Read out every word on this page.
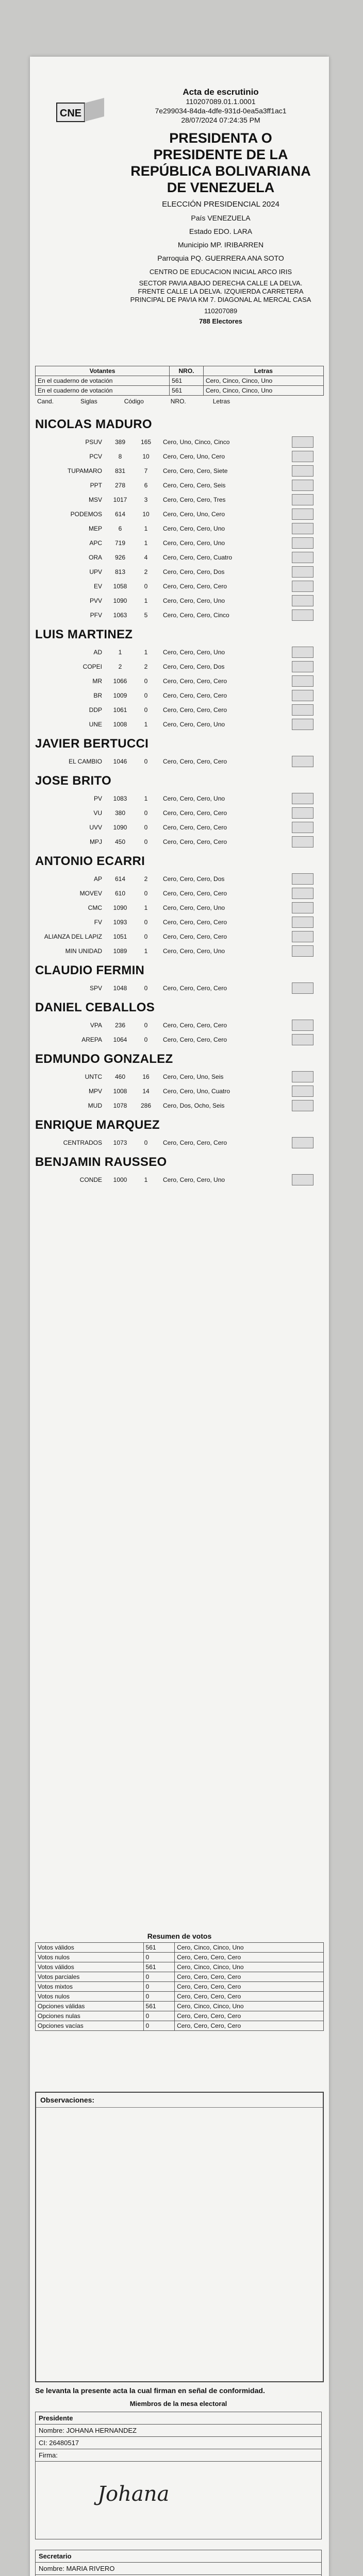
CNE
Acta de escrutinio
110207089.01.1.0001
7e299034-84da-4dfe-931d-0ea5a3ff1ac1
28/07/2024 07:24:35 PM
PRESIDENTA O PRESIDENTE DE LA REPÚBLICA BOLIVARIANA DE VENEZUELA
ELECCIÓN PRESIDENCIAL 2024
País VENEZUELA
Estado EDO. LARA
Municipio MP. IRIBARREN
Parroquia PQ. GUERRERA ANA SOTO
CENTRO DE EDUCACION INICIAL ARCO IRIS
SECTOR PAVIA ABAJO DERECHA CALLE LA DELVA. FRENTE CALLE LA DELVA. IZQUIERDA CARRETERA PRINCIPAL DE PAVIA KM 7. DIAGONAL AL MERCAL CASA
110207089
788 Electores
Votantes	NRO.	Letras
En el cuaderno de votación	561	Cero, Cinco, Cinco, Uno
En el cuaderno de votación	561	Cero, Cinco, Cinco, Uno
Cand.	Siglas	Código	NRO.	Letras
NICOLAS MADURO
PSUV	389	165	Cero, Uno, Cinco, Cinco
PCV	8	10	Cero, Cero, Uno, Cero
TUPAMARO	831	7	Cero, Cero, Cero, Siete
PPT	278	6	Cero, Cero, Cero, Seis
MSV	1017	3	Cero, Cero, Cero, Tres
PODEMOS	614	10	Cero, Cero, Uno, Cero
MEP	6	1	Cero, Cero, Cero, Uno
APC	719	1	Cero, Cero, Cero, Uno
ORA	926	4	Cero, Cero, Cero, Cuatro
UPV	813	2	Cero, Cero, Cero, Dos
EV	1058	0	Cero, Cero, Cero, Cero
PVV	1090	1	Cero, Cero, Cero, Uno
PFV	1063	5	Cero, Cero, Cero, Cinco
LUIS MARTINEZ
AD	1	1	Cero, Cero, Cero, Uno
COPEI	2	2	Cero, Cero, Cero, Dos
MR	1066	0	Cero, Cero, Cero, Cero
BR	1009	0	Cero, Cero, Cero, Cero
DDP	1061	0	Cero, Cero, Cero, Cero
UNE	1008	1	Cero, Cero, Cero, Uno
JAVIER BERTUCCI
EL CAMBIO	1046	0	Cero, Cero, Cero, Cero
JOSE BRITO
PV	1083	1	Cero, Cero, Cero, Uno
VU	380	0	Cero, Cero, Cero, Cero
UVV	1090	0	Cero, Cero, Cero, Cero
MPJ	450	0	Cero, Cero, Cero, Cero
ANTONIO ECARRI
AP	614	2	Cero, Cero, Cero, Dos
MOVEV	610	0	Cero, Cero, Cero, Cero
CMC	1090	1	Cero, Cero, Cero, Uno
FV	1093	0	Cero, Cero, Cero, Cero
ALIANZA DEL LAPIZ	1051	0	Cero, Cero, Cero, Cero
MIN UNIDAD	1089	1	Cero, Cero, Cero, Uno
CLAUDIO FERMIN
SPV	1048	0	Cero, Cero, Cero, Cero
DANIEL CEBALLOS
VPA	236	0	Cero, Cero, Cero, Cero
AREPA	1064	0	Cero, Cero, Cero, Cero
EDMUNDO GONZALEZ
UNTC	460	16	Cero, Cero, Uno, Seis
MPV	1008	14	Cero, Cero, Uno, Cuatro
MUD	1078	286	Cero, Dos, Ocho, Seis
ENRIQUE MARQUEZ
CENTRADOS	1073	0	Cero, Cero, Cero, Cero
BENJAMIN RAUSSEO
CONDE	1000	1	Cero, Cero, Cero, Uno
Resumen de votos
Votos válidos	561	Cero, Cinco, Cinco, Uno
Votos nulos	0	Cero, Cero, Cero, Cero
Votos válidos	561	Cero, Cinco, Cinco, Uno
Votos parciales	0	Cero, Cero, Cero, Cero
Votos mixtos	0	Cero, Cero, Cero, Cero
Votos nulos	0	Cero, Cero, Cero, Cero
Opciones válidas	561	Cero, Cinco, Cinco, Uno
Opciones nulas	0	Cero, Cero, Cero, Cero
Opciones vacías	0	Cero, Cero, Cero, Cero
Observaciones:
Se levanta la presente acta la cual firman en señal de conformidad.
Miembros de la mesa electoral
Presidente
Nombre: JOHANA HERNANDEZ
CI: 26480517
Firma:
Johana
Secretario
Nombre: MARIA RIVERO
